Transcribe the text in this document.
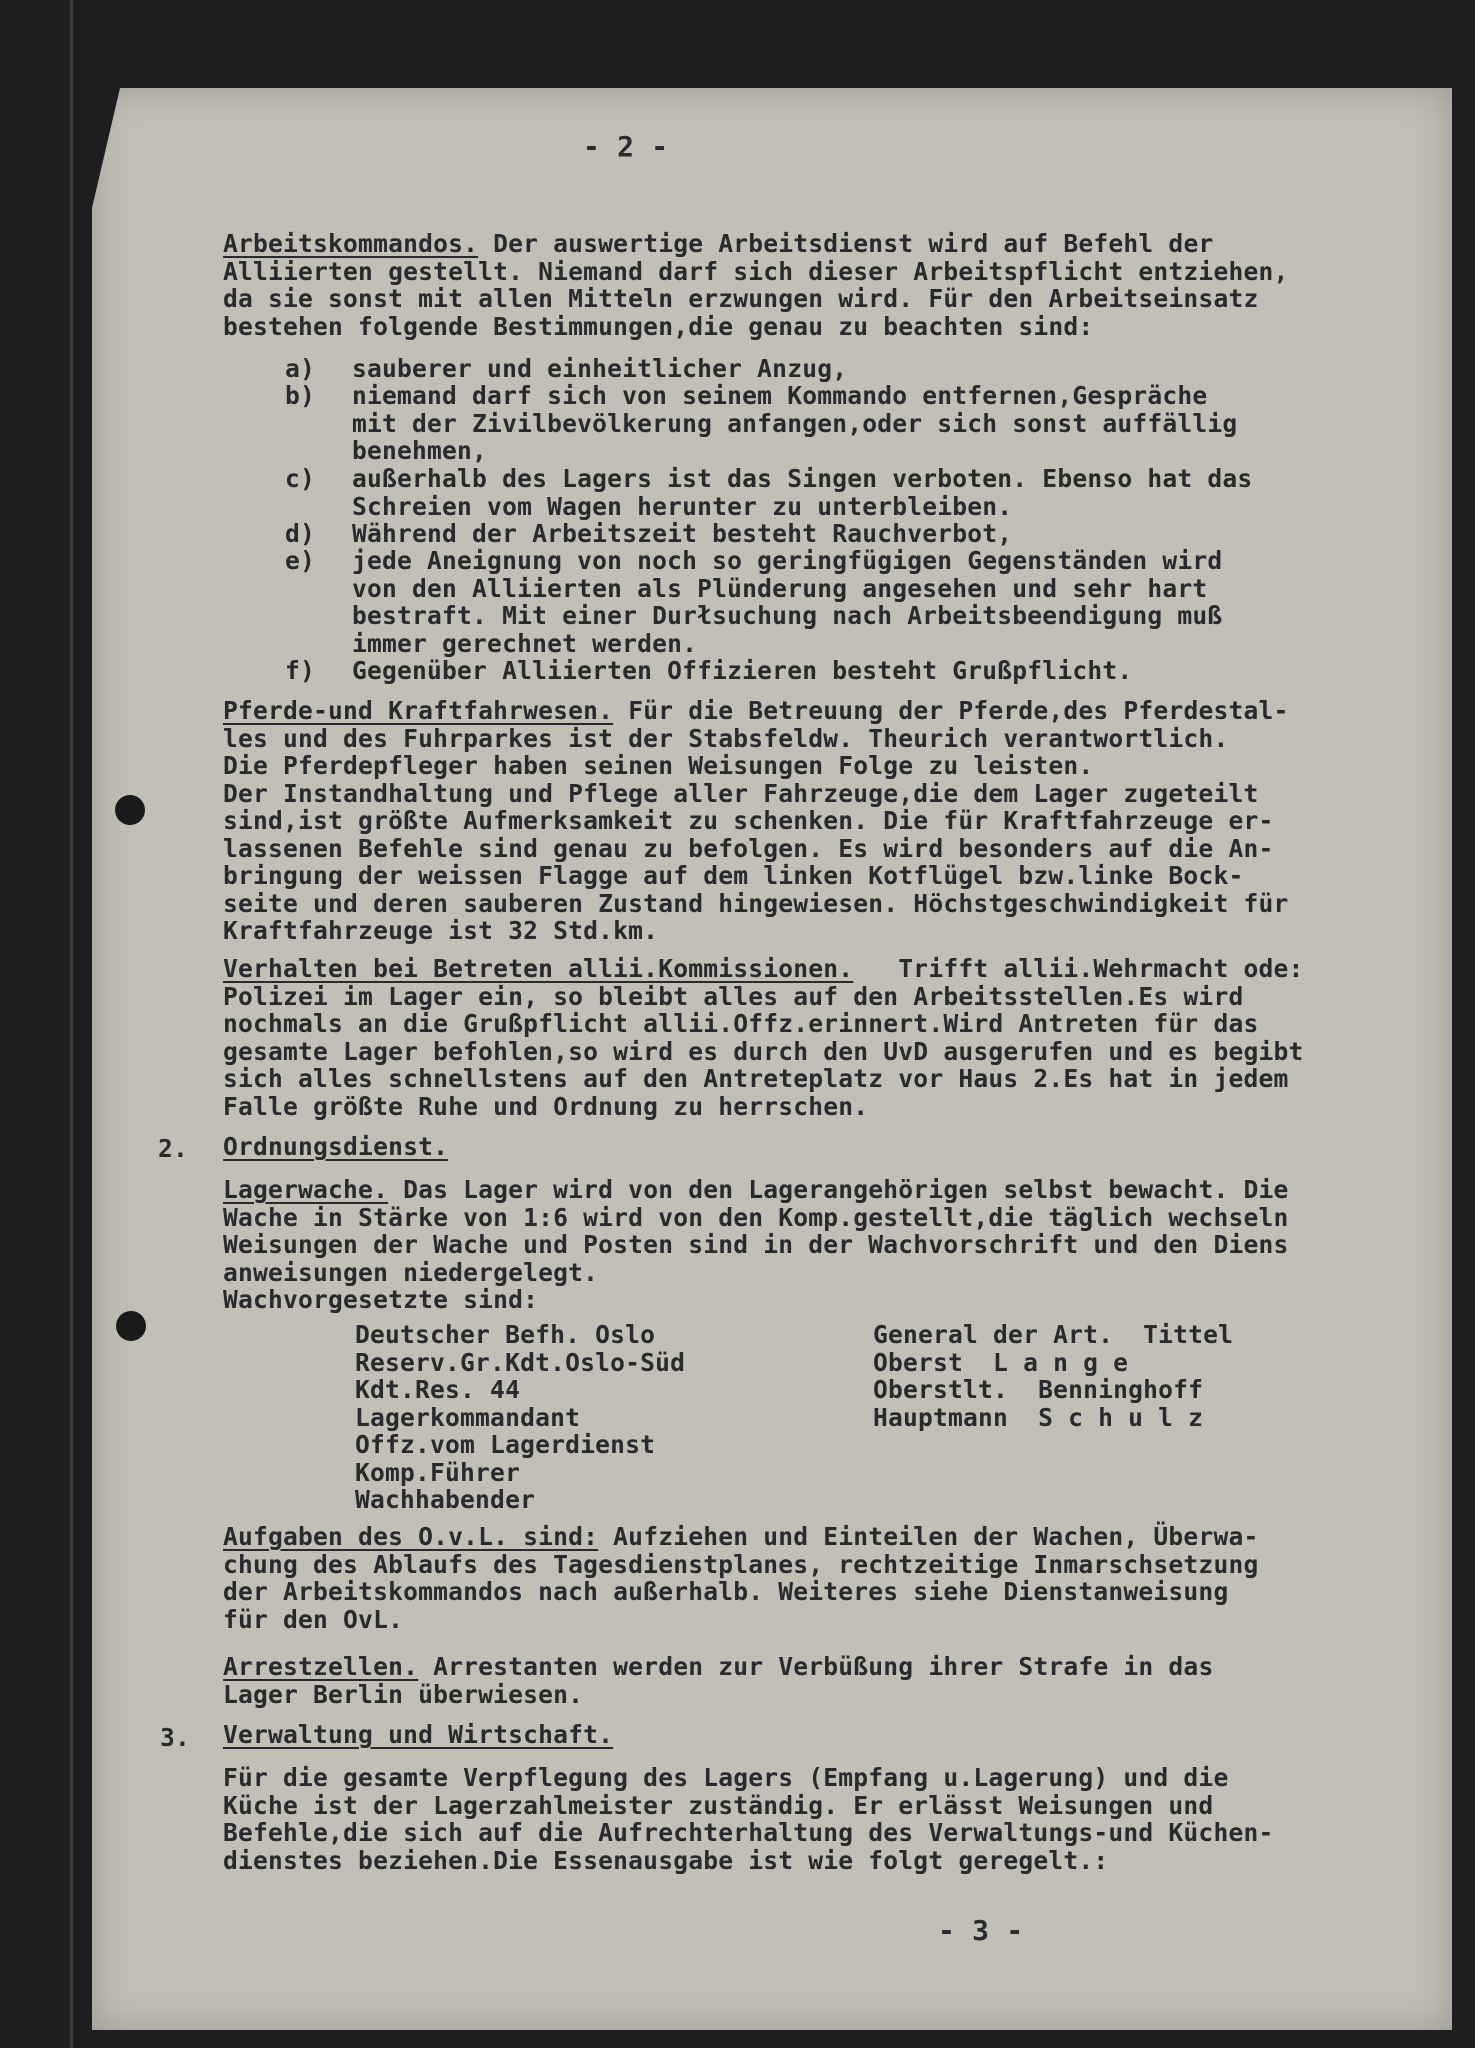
- 2 -
Arbeitskommandos. Der auswertige Arbeitsdienst wird auf Befehl der
Alliierten gestellt. Niemand darf sich dieser Arbeitspflicht entziehen,
da sie sonst mit allen Mitteln erzwungen wird. Für den Arbeitseinsatz
bestehen folgende Bestimmungen,die genau zu beachten sind:
a) sauberer und einheitlicher Anzug,
b) niemand darf sich von seinem Kommando entfernen,Gespräche
mit der Zivilbevölkerung anfangen,oder sich sonst auffällig
benehmen,
c) außerhalb des Lagers ist das Singen verboten. Ebenso hat das
Schreien vom Wagen herunter zu unterbleiben.
d) Während der Arbeitszeit besteht Rauchverbot,
e) jede Aneignung von noch so geringfügigen Gegenständen wird
von den Alliierten als Plünderung angesehen und sehr hart
bestraft. Mit einer Durłsuchung nach Arbeitsbeendigung muß
immer gerechnet werden.
f) Gegenüber Alliierten Offizieren besteht Grußpflicht.
Pferde-und Kraftfahrwesen. Für die Betreuung der Pferde,des Pferdestal-
les und des Fuhrparkes ist der Stabsfeldw. Theurich verantwortlich.
Die Pferdepfleger haben seinen Weisungen Folge zu leisten.
Der Instandhaltung und Pflege aller Fahrzeuge,die dem Lager zugeteilt
sind,ist größte Aufmerksamkeit zu schenken. Die für Kraftfahrzeuge er-
lassenen Befehle sind genau zu befolgen. Es wird besonders auf die An-
bringung der weissen Flagge auf dem linken Kotflügel bzw.linke Bock-
seite und deren sauberen Zustand hingewiesen. Höchstgeschwindigkeit für
Kraftfahrzeuge ist 32 Std.km.
Verhalten bei Betreten allii.Kommissionen.   Trifft allii.Wehrmacht ode:
Polizei im Lager ein, so bleibt alles auf den Arbeitsstellen.Es wird
nochmals an die Grußpflicht allii.Offz.erinnert.Wird Antreten für das
gesamte Lager befohlen,so wird es durch den UvD ausgerufen und es begibt
sich alles schnellstens auf den Antreteplatz vor Haus 2.Es hat in jedem
Falle größte Ruhe und Ordnung zu herrschen.
2. Ordnungsdienst.
Lagerwache. Das Lager wird von den Lagerangehörigen selbst bewacht. Die
Wache in Stärke von 1:6 wird von den Komp.gestellt,die täglich wechseln
Weisungen der Wache und Posten sind in der Wachvorschrift und den Diens
anweisungen niedergelegt.
Wachvorgesetzte sind:
Deutscher Befh. Oslo
Reserv.Gr.Kdt.Oslo-Süd
Kdt.Res. 44
Lagerkommandant
Offz.vom Lagerdienst
Komp.Führer
Wachhabender
General der Art.  Tittel
Oberst  L a n g e
Oberstlt.  Benninghoff
Hauptmann  S c h u l z
Aufgaben des O.v.L. sind: Aufziehen und Einteilen der Wachen, Überwa-
chung des Ablaufs des Tagesdienstplanes, rechtzeitige Inmarschsetzung
der Arbeitskommandos nach außerhalb. Weiteres siehe Dienstanweisung
für den OvL.
Arrestzellen. Arrestanten werden zur Verbüßung ihrer Strafe in das
Lager Berlin überwiesen.
3. Verwaltung und Wirtschaft.
Für die gesamte Verpflegung des Lagers (Empfang u.Lagerung) und die
Küche ist der Lagerzahlmeister zuständig. Er erlässt Weisungen und
Befehle,die sich auf die Aufrechterhaltung des Verwaltungs-und Küchen-
dienstes beziehen.Die Essenausgabe ist wie folgt geregelt.:
- 3 -
